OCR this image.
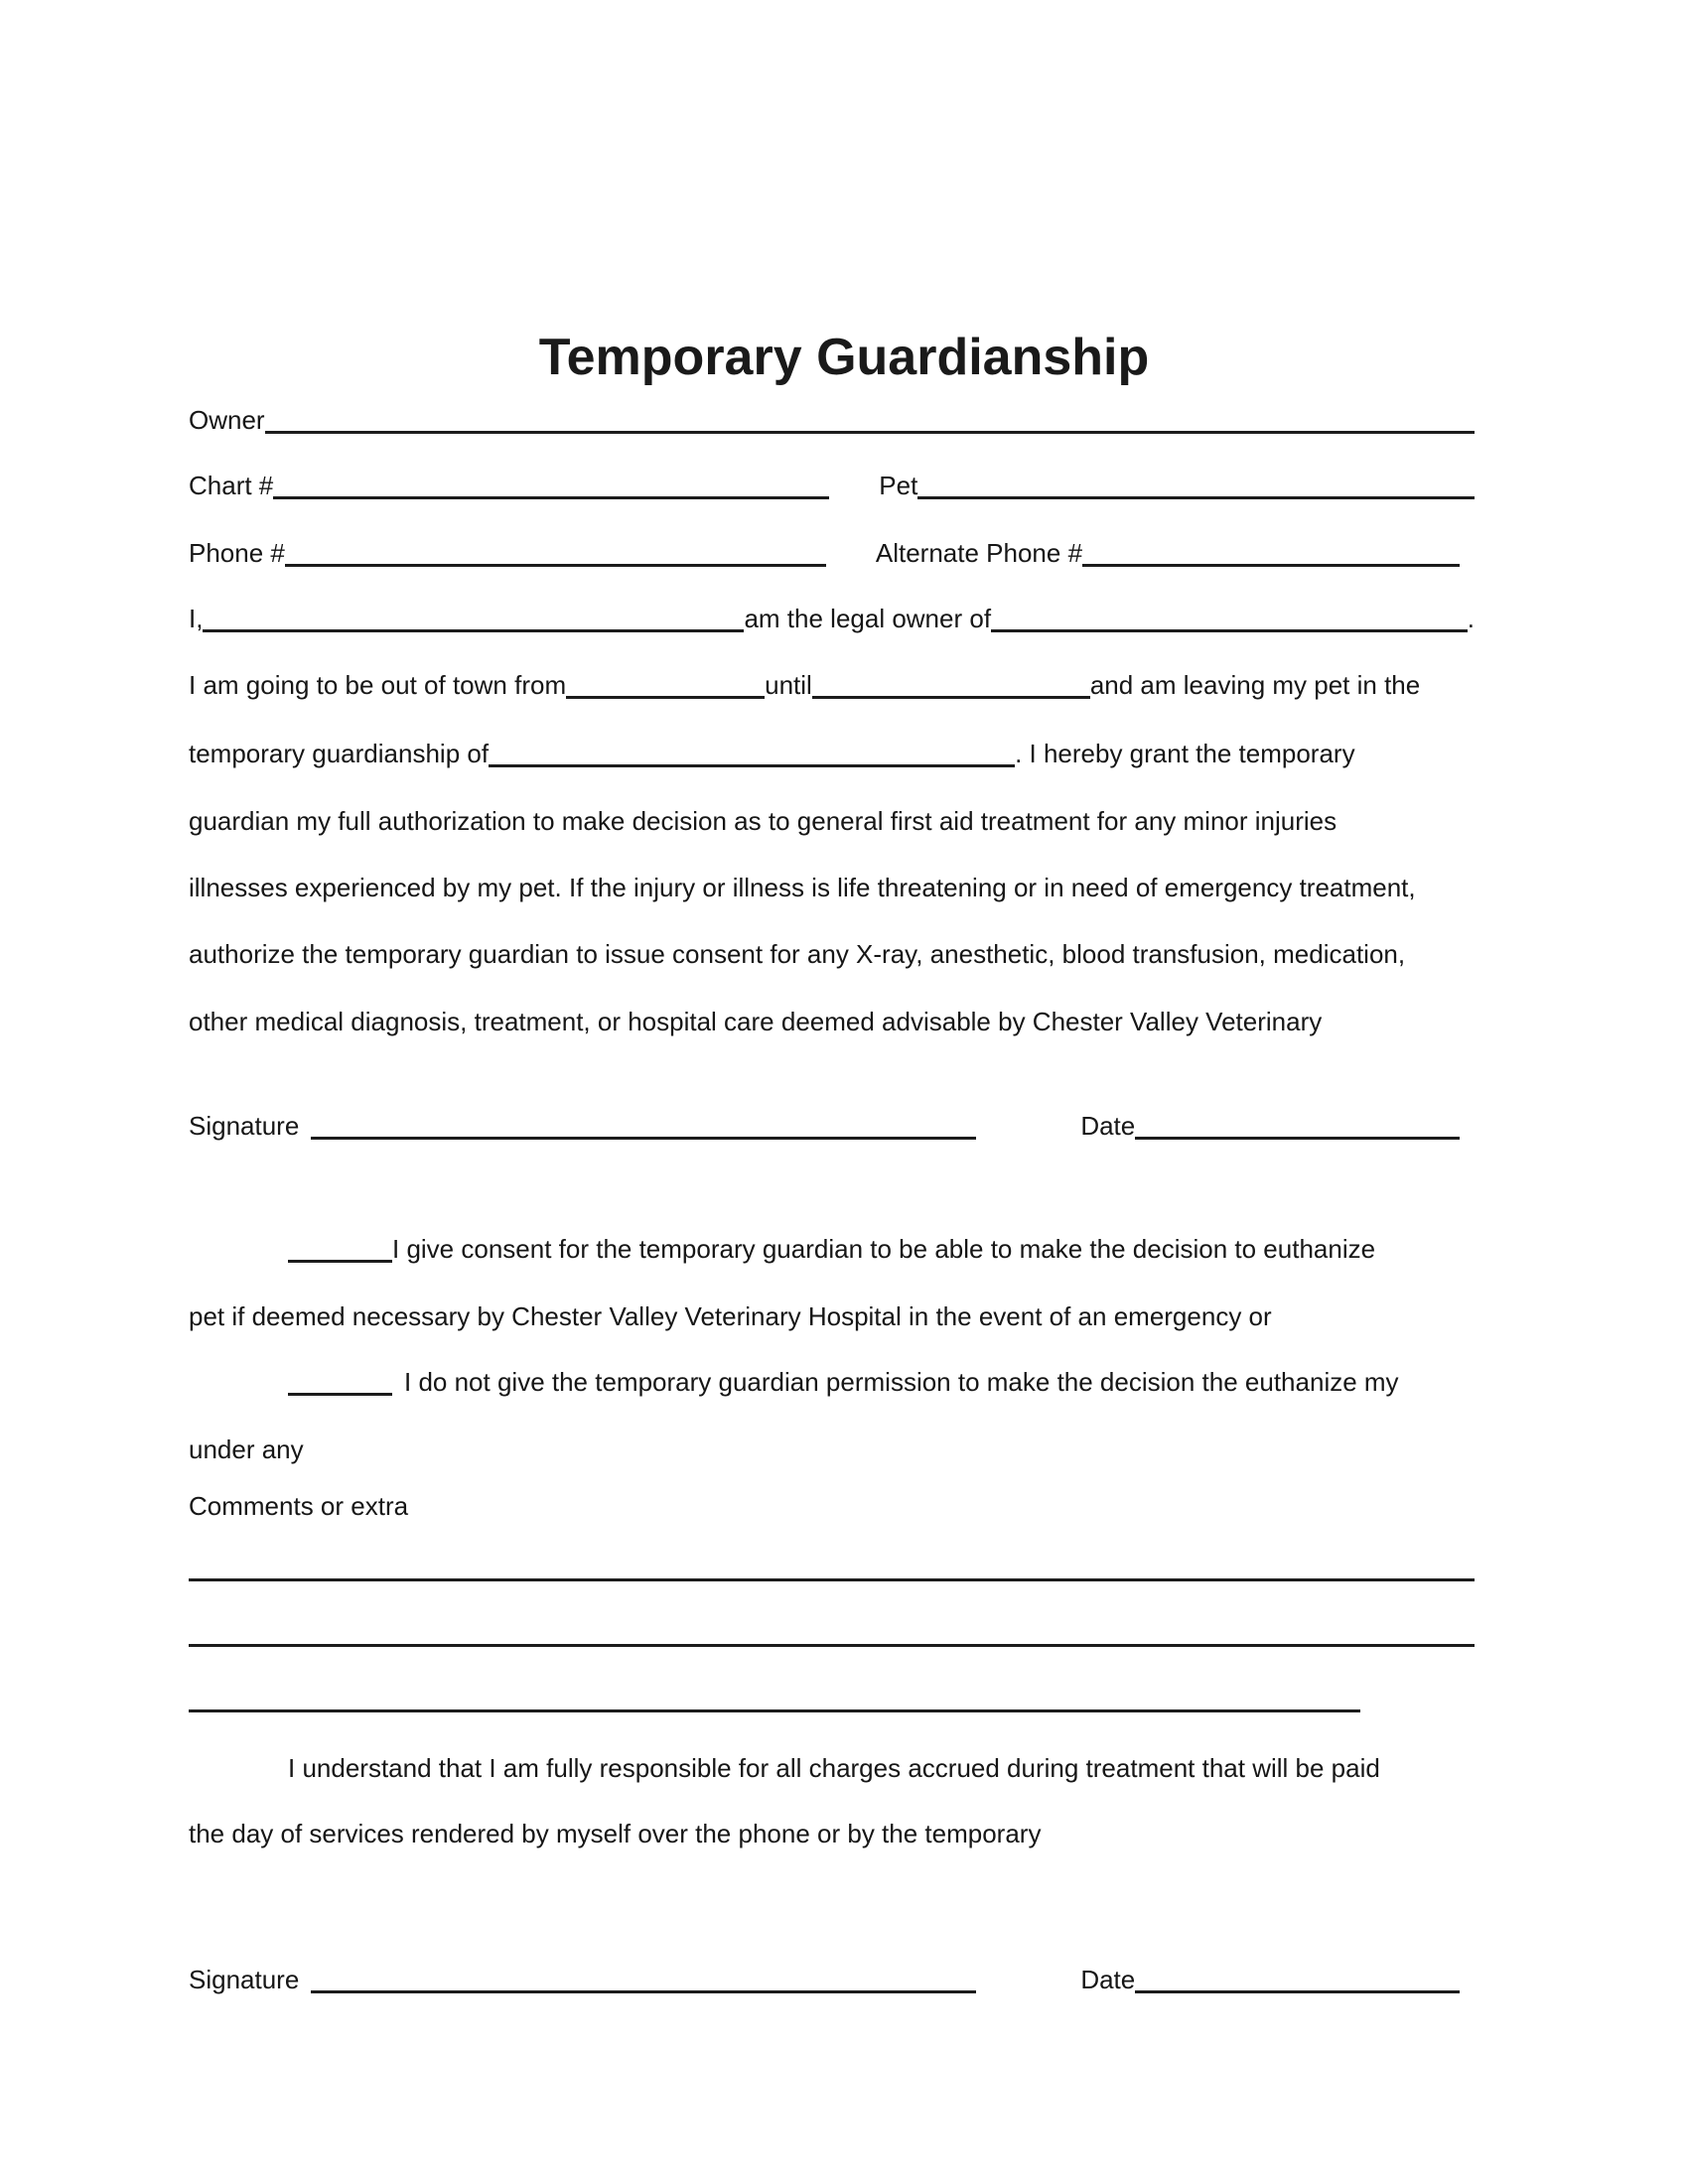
Temporary Guardianship
Owner
Chart #	Pet
Phone #	Alternate Phone #
I,	am the legal owner of	.
I am going to be out of town from	until	and am leaving my pet in the
temporary guardianship of	. I hereby grant the temporary
guardian my full authorization to make decision as to general first aid treatment for any minor injuries
illnesses experienced by my pet. If the injury or illness is life threatening or in need of emergency treatment,
authorize the temporary guardian to issue consent for any X-ray, anesthetic, blood transfusion, medication,
other medical diagnosis, treatment, or hospital care deemed advisable by Chester Valley Veterinary
Signature	Date
I give consent for the temporary guardian to be able to make the decision to euthanize
pet if deemed necessary by Chester Valley Veterinary Hospital in the event of an emergency or
I do not give the temporary guardian permission to make the decision the euthanize my
under any
Comments or extra
I understand that I am fully responsible for all charges accrued during treatment that will be paid
the day of services rendered by myself over the phone or by the temporary
Signature	Date
